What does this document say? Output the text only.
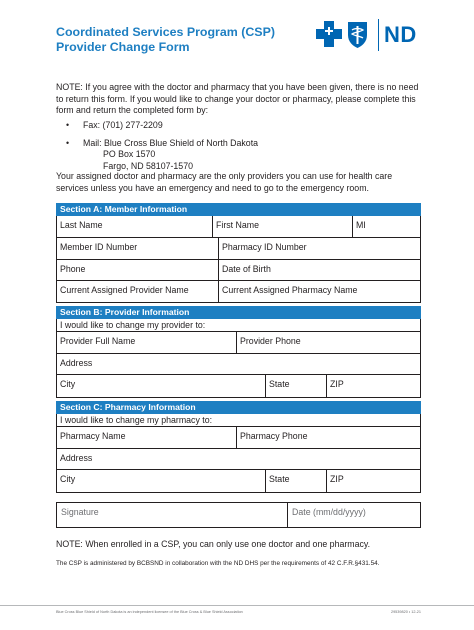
Coordinated Services Program (CSP)
Provider Change Form	ND
NOTE: If you agree with the doctor and pharmacy that you have been given, there is no need to return this form. If you would like to change your doctor or pharmacy, please complete this form and return the completed form by:
• Fax: (701) 277-2209
• Mail: Blue Cross Blue Shield of North Dakota
PO Box 1570
Fargo, ND 58107-1570
Your assigned doctor and pharmacy are the only providers you can use for health care services unless you have an emergency and need to go to the emergency room.
Section A: Member Information
Last Name	First Name	MI
Member ID Number	Pharmacy ID Number
Phone	Date of Birth
Current Assigned Provider Name	Current Assigned Pharmacy Name
Section B: Provider Information
I would like to change my provider to:
Provider Full Name	Provider Phone
Address
City	State	ZIP
Section C: Pharmacy Information
I would like to change my pharmacy to:
Pharmacy Name	Pharmacy Phone
Address
City	State	ZIP
Signature	Date (mm/dd/yyyy)
NOTE: When enrolled in a CSP, you can only use one doctor and one pharmacy.
The CSP is administered by BCBSND in collaboration with the ND DHS per the requirements of 42 C.F.R.§431.54.
Blue Cross Blue Shield of North Dakota is an independent licensee of the Blue Cross & Blue Shield Association	29539820 • 12-21
